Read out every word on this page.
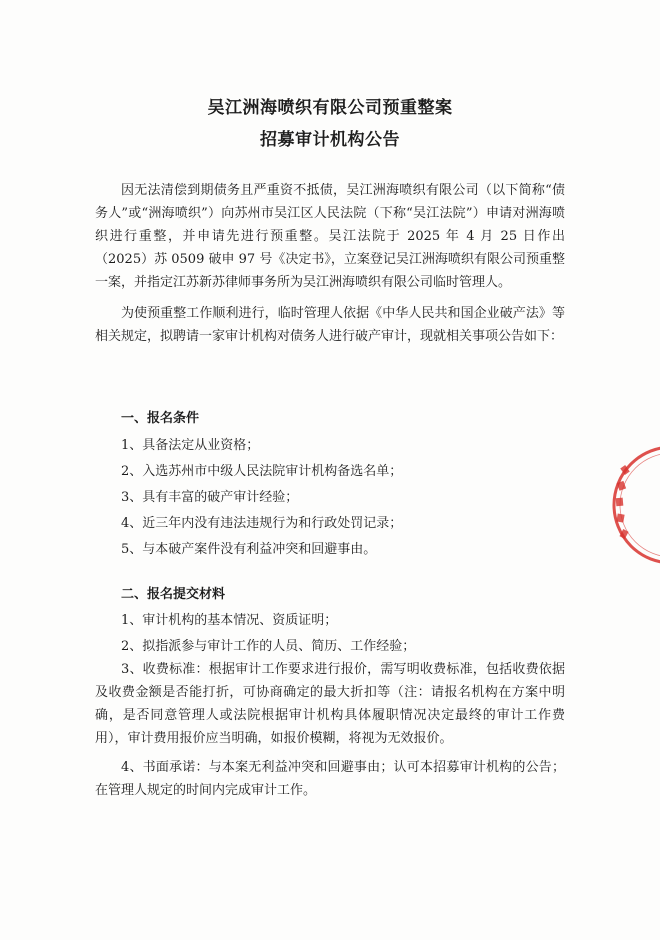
吴江洲海喷织有限公司预重整案
招募审计机构公告

因无法清偿到期债务且严重资不抵债，吴江洲海喷织有限公司（以下简称“债务人”或“洲海喷织”）向苏州市吴江区人民法院（下称“吴江法院”）申请对洲海喷织进行重整，并申请先进行预重整。吴江法院于 2025 年 4 月 25 日作出（2025）苏 0509 破申 97 号《决定书》，立案登记吴江洲海喷织有限公司预重整一案，并指定江苏新苏律师事务所为吴江洲海喷织有限公司临时管理人。

为使预重整工作顺利进行，临时管理人依据《中华人民共和国企业破产法》等相关规定，拟聘请一家审计机构对债务人进行破产审计，现就相关事项公告如下：

一、报名条件
1、具备法定从业资格；
2、入选苏州市中级人民法院审计机构备选名单；
3、具有丰富的破产审计经验；
4、近三年内没有违法违规行为和行政处罚记录；
5、与本破产案件没有利益冲突和回避事由。
二、报名提交材料
1、审计机构的基本情况、资质证明；
2、拟指派参与审计工作的人员、简历、工作经验；

3、收费标准：根据审计工作要求进行报价，需写明收费标准，包括收费依据及收费金额是否能打折，可协商确定的最大折扣等（注：请报名机构在方案中明确，是否同意管理人或法院根据审计机构具体履职情况决定最终的审计工作费用），审计费用报价应当明确，如报价模糊，将视为无效报价。

4、书面承诺：与本案无利益冲突和回避事由；认可本招募审计机构的公告；在管理人规定的时间内完成审计工作。
